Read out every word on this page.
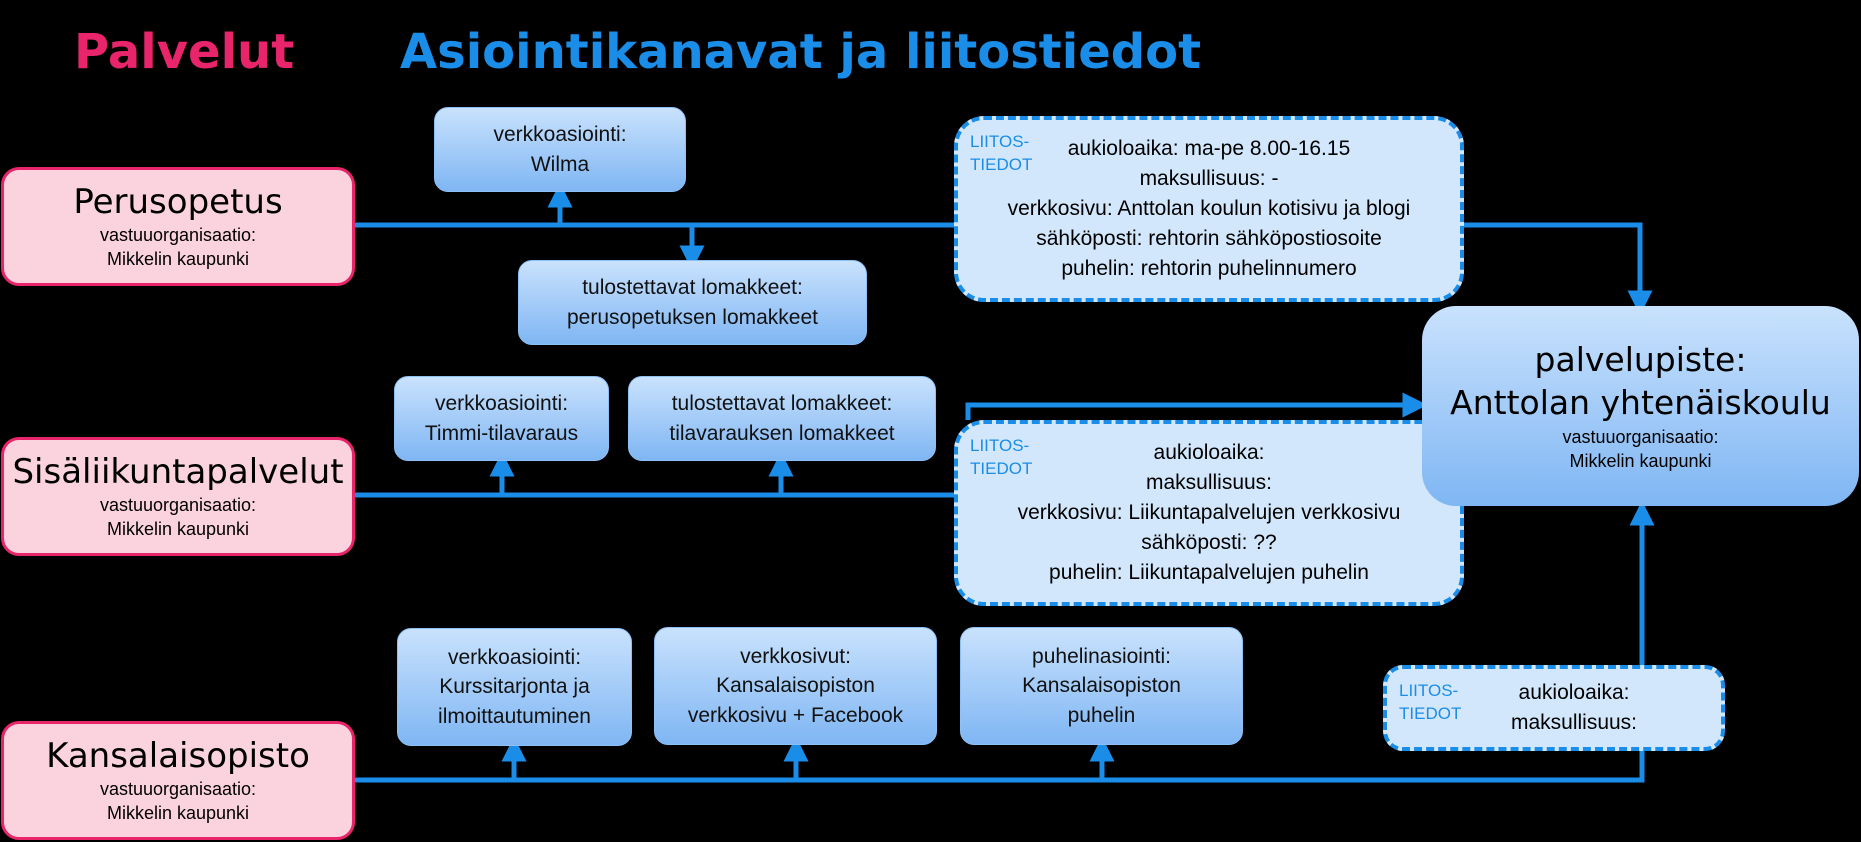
Palvelut Asiointikanavat ja liitostiedot
Perusopetus
vastuuorganisaatio:
Mikkelin kaupunki
Sisäliikuntapalvelut
vastuuorganisaatio:
Mikkelin kaupunki
Kansalaisopisto
vastuuorganisaatio:
Mikkelin kaupunki
verkkoasiointi:
Wilma
tulostettavat lomakkeet:
perusopetuksen lomakkeet
verkkoasiointi:
Timmi-tilavaraus
tulostettavat lomakkeet:
tilavarauksen lomakkeet
verkkoasiointi:
Kurssitarjonta ja
ilmoittautuminen
verkkosivut:
Kansalaisopiston
verkkosivu + Facebook
puhelinasiointi:
Kansalaisopiston
puhelin
LIITOS-
TIEDOT
aukioloaika: ma-pe 8.00-16.15
maksullisuus: -
verkkosivu: Anttolan koulun kotisivu ja blogi
sähköposti: rehtorin sähköpostiosoite
puhelin: rehtorin puhelinnumero
LIITOS-
TIEDOT
aukioloaika:
maksullisuus:
verkkosivu: Liikuntapalvelujen verkkosivu
sähköposti: ??
puhelin: Liikuntapalvelujen puhelin
LIITOS-
TIEDOT
aukioloaika:
maksullisuus:
palvelupiste:
Anttolan yhtenäiskoulu
vastuuorganisaatio:
Mikkelin kaupunki
